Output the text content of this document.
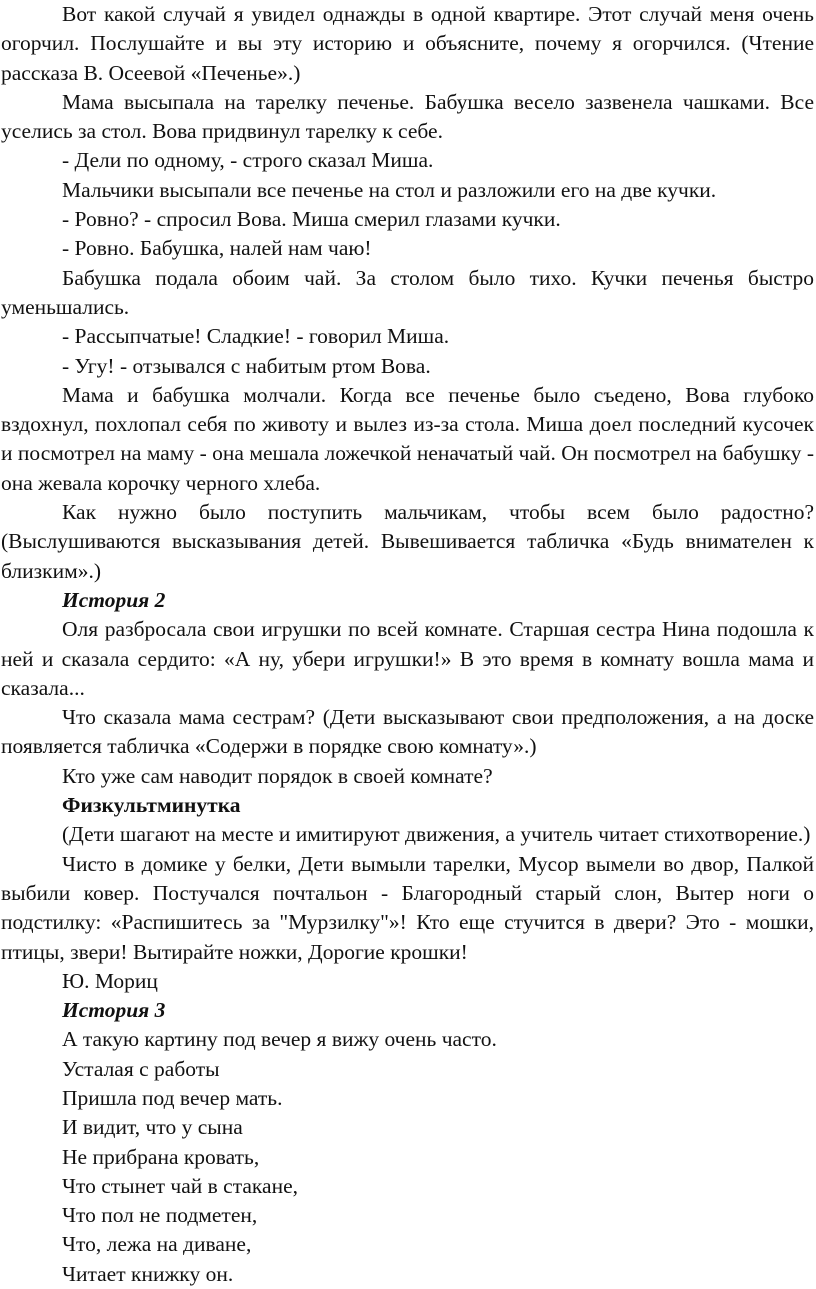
Вот какой случай я увидел однажды в одной квартире. Этот случай меня очень огорчил. Послушайте и вы эту историю и объясните, почему я огорчился. (Чтение рассказа В. Осеевой «Печенье».)

Мама высыпала на тарелку печенье. Бабушка весело зазвенела чашками. Все уселись за стол. Вова придвинул тарелку к себе.

- Дели по одному, - строго сказал Миша.

Мальчики высыпали все печенье на стол и разложили его на две кучки.

- Ровно? - спросил Вова. Миша смерил глазами кучки.

- Ровно. Бабушка, налей нам чаю!

Бабушка подала обоим чай. За столом было тихо. Кучки печенья быстро уменьшались.

- Рассыпчатые! Сладкие! - говорил Миша.

- Угу! - отзывался с набитым ртом Вова.

Мама и бабушка молчали. Когда все печенье было съедено, Вова глубоко вздохнул, похлопал себя по животу и вылез из-за стола. Миша доел последний кусочек и посмотрел на маму - она мешала ложечкой неначатый чай. Он посмотрел на бабушку - она жевала корочку черного хлеба.

Как нужно было поступить мальчикам, чтобы всем было радостно? (Выслушиваются высказывания детей. Вывешивается табличка «Будь внимателен к близким».)

История 2

Оля разбросала свои игрушки по всей комнате. Старшая сестра Нина подошла к ней и сказала сердито: «А ну, убери игрушки!» В это время в комнату вошла мама и сказала...

Что сказала мама сестрам? (Дети высказывают свои предположения, а на доске появляется табличка «Содержи в порядке свою комнату».)

Кто уже сам наводит порядок в своей комнате?

Физкультминутка

(Дети шагают на месте и имитируют движения, а учитель читает стихотворение.)

Чисто в домике у белки, Дети вымыли тарелки, Мусор вымели во двор, Палкой выбили ковер. Постучался почтальон - Благородный старый слон, Вытер ноги о подстилку: «Распишитесь за "Мурзилку"»! Кто еще стучится в двери? Это - мошки, птицы, звери! Вытирайте ножки, Дорогие крошки!

Ю. Мориц

История 3

А такую картину под вечер я вижу очень часто.

Усталая с работы

Пришла под вечер мать.

И видит, что у сына

Не прибрана кровать,

Что стынет чай в стакане,

Что пол не подметен,

Что, лежа на диване,

Читает книжку он.
